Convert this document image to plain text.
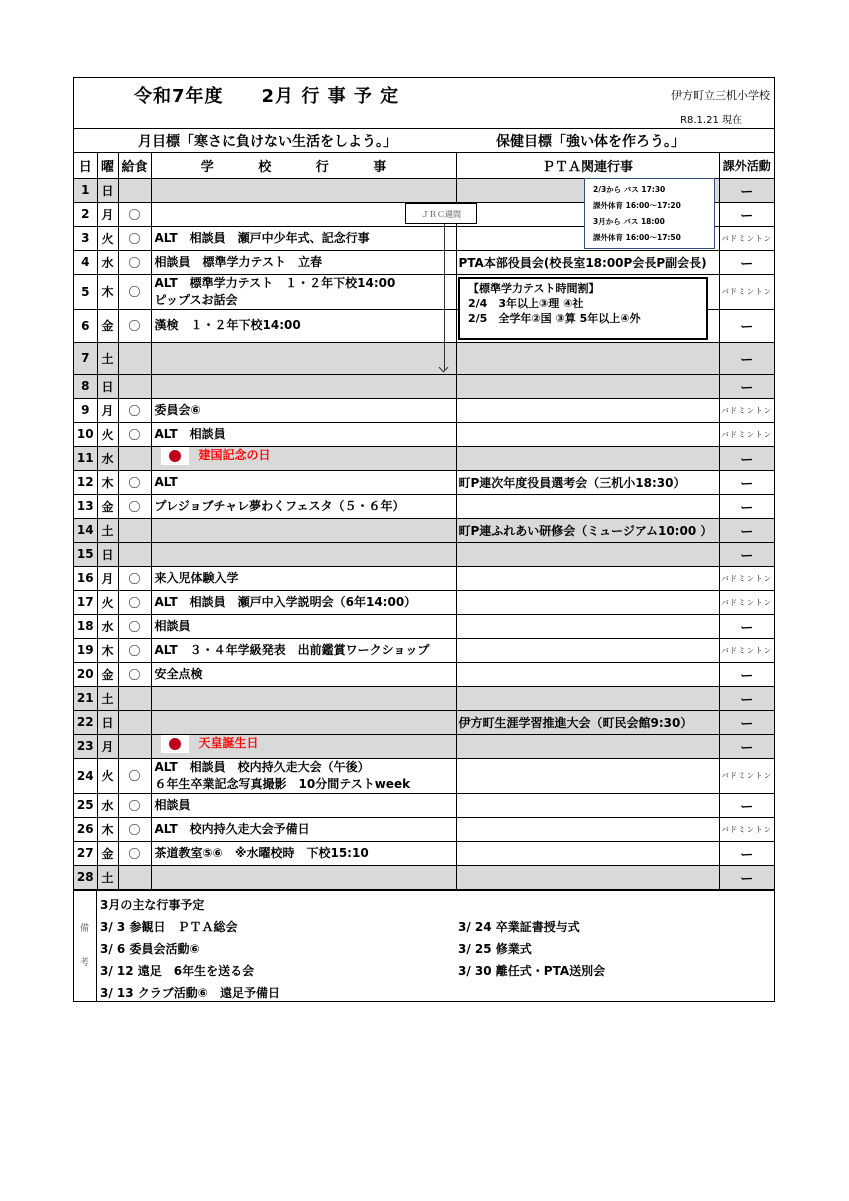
令和7年度　　2月 行 事 予 定	伊方町立三机小学校
R8.1.21 現在
月目標「寒さに負けない生活をしよう。」	保健目標「強い体を作ろう。」
日	曜	給食	学 校 行 事	ＰＴＡ関連行事	課外活動
1	日				ー
2	月	〇			ー
3	火	〇	ALT　相談員　瀬戸中少年式、記念行事		バドミントン
4	水	〇	相談員　標準学力テスト　立春	PTA本部役員会(校長室18:00P会長P副会長)	ー
5	木	〇	ALT　標準学力テスト　１・２年下校14:00
ピップスお話会		バドミントン
6	金	〇	漢検　１・２年下校14:00		ー
7	土				ー
8	日				ー
9	月	〇	委員会⑥		バドミントン
10	火	〇	ALT　相談員		バドミントン
11	水		建国記念の日		ー
12	木	〇	ALT	町P連次年度役員選考会（三机小18:30）	ー
13	金	〇	プレジョブチャレ夢わくフェスタ（５・６年）		ー
14	土			町P連ふれあい研修会（ミュージアム10:00 ）	ー
15	日				ー
16	月	〇	来入児体験入学		バドミントン
17	火	〇	ALT　相談員　瀬戸中入学説明会（6年14:00）		バドミントン
18	水	〇	相談員		ー
19	木	〇	ALT　３・４年学級発表　出前鑑賞ワークショップ		バドミントン
20	金	〇	安全点検		ー
21	土				ー
22	日			伊方町生涯学習推進大会（町民会館9:30）	ー
23	月		天皇誕生日		ー
24	火	〇	ALT　相談員　校内持久走大会（午後）
６年生卒業記念写真撮影　10分間テストweek		バドミントン
25	水	〇	相談員		ー
26	木	〇	ALT　校内持久走大会予備日		バドミントン
27	金	〇	茶道教室⑤⑥　※水曜校時　下校15:10		ー
28	土				ー
備
考
3月の主な行事予定
3/ 3 参観日　ＰＴＡ総会
3/ 6 委員会活動⑥
3/ 12 遠足　6年生を送る会
3/ 13 クラブ活動⑥　遠足予備日
3/ 24 卒業証書授与式
3/ 25 修業式
3/ 30 離任式・PTA送別会
ＪＲＣ週間
2/3から バス 17:30
課外体育 16:00～17:20
3月から バス 18:00
課外体育 16:00～17:50
【標準学力テスト時間割】
2/4　3年以上③理 ④社
2/5　全学年②国 ③算 5年以上④外
